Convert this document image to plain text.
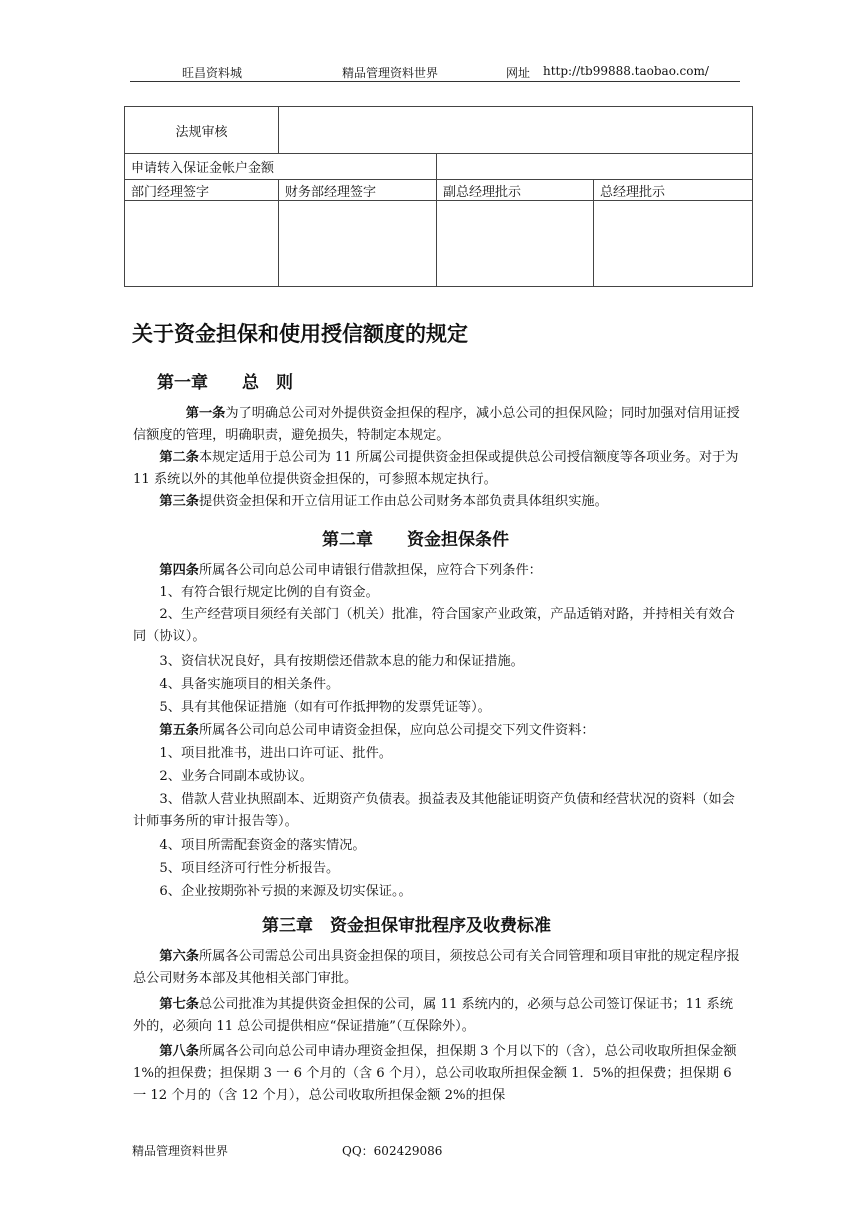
旺昌资料城	精品管理资料世界	网址 http://tb99888.taobao.com/
法规审核			
申请转入保证金帐户金额			
部门经理签字	财务部经理签字	副总经理批示	总经理批示

关于资金担保和使用授信额度的规定
第一章　　总　则

第一条为了明确总公司对外提供资金担保的程序，减小总公司的担保风险；同时加强对信用证授信额度的管理，明确职责，避免损失，特制定本规定。

第二条本规定适用于总公司为 11 所属公司提供资金担保或提供总公司授信额度等各项业务。对于为 11 系统以外的其他单位提供资金担保的，可参照本规定执行。

第三条提供资金担保和开立信用证工作由总公司财务本部负责具体组织实施。

第二章　　资金担保条件

第四条所属各公司向总公司申请银行借款担保，应符合下列条件：

1、有符合银行规定比例的自有资金。

2、生产经营项目须经有关部门（机关）批准，符合国家产业政策，产品适销对路，并持相关有效合同（协议）。

3、资信状况良好，具有按期偿还借款本息的能力和保证措施。

4、具备实施项目的相关条件。

5、具有其他保证措施（如有可作抵押物的发票凭证等）。

第五条所属各公司向总公司申请资金担保，应向总公司提交下列文件资料：

1、项目批准书，进出口许可证、批件。

2、业务合同副本或协议。

3、借款人营业执照副本、近期资产负债表。损益表及其他能证明资产负债和经营状况的资料（如会计师事务所的审计报告等）。

4、项目所需配套资金的落实情况。

5、项目经济可行性分析报告。

6、企业按期弥补亏损的来源及切实保证。。

第三章　资金担保审批程序及收费标准

第六条所属各公司需总公司出具资金担保的项目，须按总公司有关合同管理和项目审批的规定程序报总公司财务本部及其他相关部门审批。

第七条总公司批准为其提供资金担保的公司，属 11 系统内的，必须与总公司签订保证书；11 系统外的，必须向 11 总公司提供相应“保证措施”（互保除外）。

第八条所属各公司向总公司申请办理资金担保，担保期 3 个月以下的（含），总公司收取所担保金额 1%的担保费；担保期 3 一 6 个月的（含 6 个月），总公司收取所担保金额 1．5%的担保费；担保期 6 一 12 个月的（含 12 个月），总公司收取所担保金额 2%的担保

精品管理资料世界	QQ：602429086
